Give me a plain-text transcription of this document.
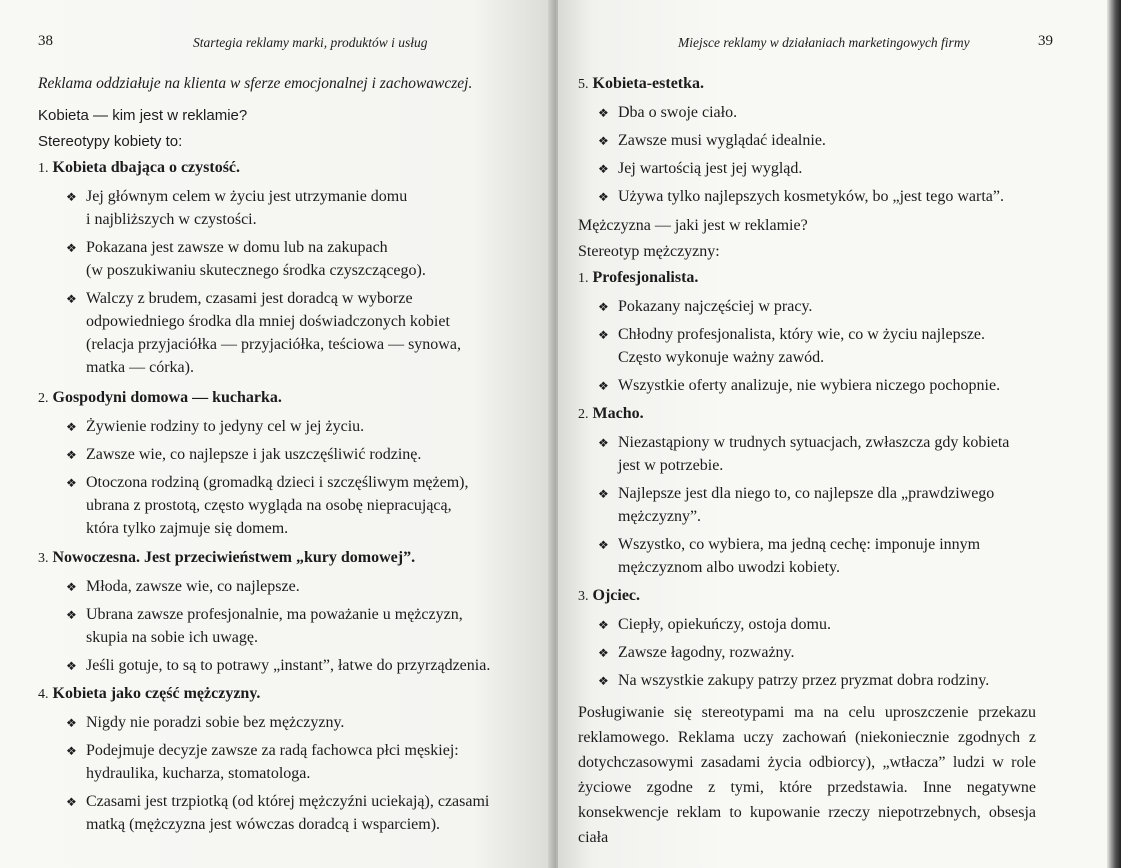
38	Startegia reklamy marki, produktów i usług
Reklama oddziałuje na klienta w sferze emocjonalnej i zachowawczej.
Kobieta — kim jest w reklamie?
Stereotypy kobiety to:
1. Kobieta dbająca o czystość.
❖ Jej głównym celem w życiu jest utrzymanie domu
i najbliższych w czystości.
❖ Pokazana jest zawsze w domu lub na zakupach
(w poszukiwaniu skutecznego środka czyszczącego).
❖ Walczy z brudem, czasami jest doradcą w wyborze
odpowiedniego środka dla mniej doświadczonych kobiet
(relacja przyjaciółka — przyjaciółka, teściowa — synowa,
matka — córka).
2. Gospodyni domowa — kucharka.
❖ Żywienie rodziny to jedyny cel w jej życiu.
❖ Zawsze wie, co najlepsze i jak uszczęśliwić rodzinę.
❖ Otoczona rodziną (gromadką dzieci i szczęśliwym mężem),
ubrana z prostotą, często wygląda na osobę niepracującą,
która tylko zajmuje się domem.
3. Nowoczesna. Jest przeciwieństwem „kury domowej”.
❖ Młoda, zawsze wie, co najlepsze.
❖ Ubrana zawsze profesjonalnie, ma poważanie u mężczyzn,
skupia na sobie ich uwagę.
❖ Jeśli gotuje, to są to potrawy „instant”, łatwe do przyrządzenia.
4. Kobieta jako część mężczyzny.
❖ Nigdy nie poradzi sobie bez mężczyzny.
❖ Podejmuje decyzje zawsze za radą fachowca płci męskiej:
hydraulika, kucharza, stomatologa.
❖ Czasami jest trzpiotką (od której mężczyźni uciekają), czasami
matką (mężczyzna jest wówczas doradcą i wsparciem).
Miejsce reklamy w działaniach marketingowych firmy	39
5. Kobieta-estetka.
❖ Dba o swoje ciało.
❖ Zawsze musi wyglądać idealnie.
❖ Jej wartością jest jej wygląd.
❖ Używa tylko najlepszych kosmetyków, bo „jest tego warta”.
Mężczyzna — jaki jest w reklamie?
Stereotyp mężczyzny:
1. Profesjonalista.
❖ Pokazany najczęściej w pracy.
❖ Chłodny profesjonalista, który wie, co w życiu najlepsze.
Często wykonuje ważny zawód.
❖ Wszystkie oferty analizuje, nie wybiera niczego pochopnie.
2. Macho.
❖ Niezastąpiony w trudnych sytuacjach, zwłaszcza gdy kobieta
jest w potrzebie.
❖ Najlepsze jest dla niego to, co najlepsze dla „prawdziwego
mężczyzny”.
❖ Wszystko, co wybiera, ma jedną cechę: imponuje innym
mężczyznom albo uwodzi kobiety.
3. Ojciec.
❖ Ciepły, opiekuńczy, ostoja domu.
❖ Zawsze łagodny, rozważny.
❖ Na wszystkie zakupy patrzy przez pryzmat dobra rodziny.
Posługiwanie się stereotypami ma na celu uproszczenie przekazu reklamowego. Reklama uczy zachowań (niekoniecznie zgodnych z dotychczasowymi zasadami życia odbiorcy), „wtłacza” ludzi w role życiowe zgodne z tymi, które przedstawia. Inne negatywne konsekwencje reklam to kupowanie rzeczy niepotrzebnych, obsesja ciała
